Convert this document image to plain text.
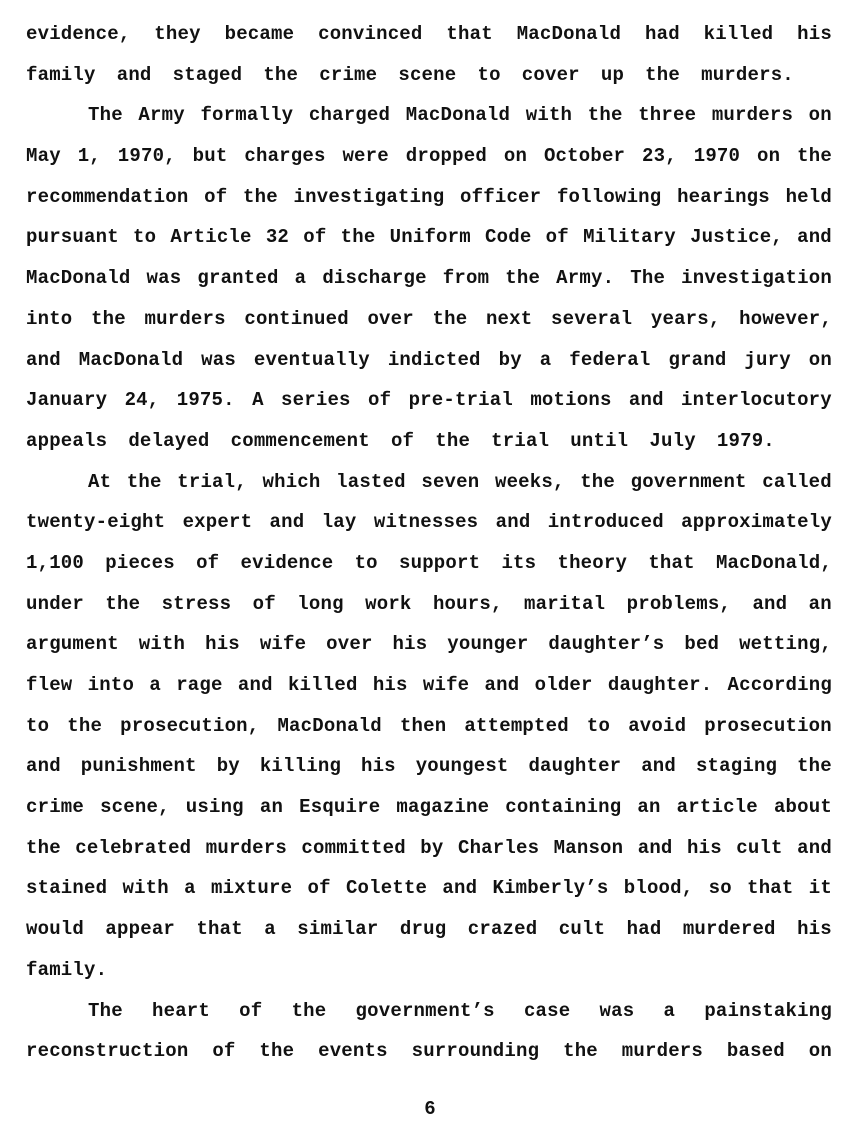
evidence, they became convinced that MacDonald had killed his
family and staged the crime scene to cover up the murders.
The Army formally charged MacDonald with the three murders on
May 1, 1970, but charges were dropped on October 23, 1970 on the
recommendation of the investigating officer following hearings held
pursuant to Article 32 of the Uniform Code of Military Justice, and
MacDonald was granted a discharge from the Army. The investigation
into the murders continued over the next several years, however,
and MacDonald was eventually indicted by a federal grand jury on
January 24, 1975. A series of pre-trial motions and interlocutory
appeals delayed commencement of the trial until July 1979.
At the trial, which lasted seven weeks, the government called
twenty-eight expert and lay witnesses and introduced approximately
1,100 pieces of evidence to support its theory that MacDonald,
under the stress of long work hours, marital problems, and an
argument with his wife over his younger daughter’s bed wetting,
flew into a rage and killed his wife and older daughter. According
to the prosecution, MacDonald then attempted to avoid prosecution
and punishment by killing his youngest daughter and staging the
crime scene, using an Esquire magazine containing an article about
the celebrated murders committed by Charles Manson and his cult and
stained with a mixture of Colette and Kimberly’s blood, so that it
would appear that a similar drug crazed cult had murdered his
family.
The heart of the government’s case was a painstaking
reconstruction of the events surrounding the murders based on
6
